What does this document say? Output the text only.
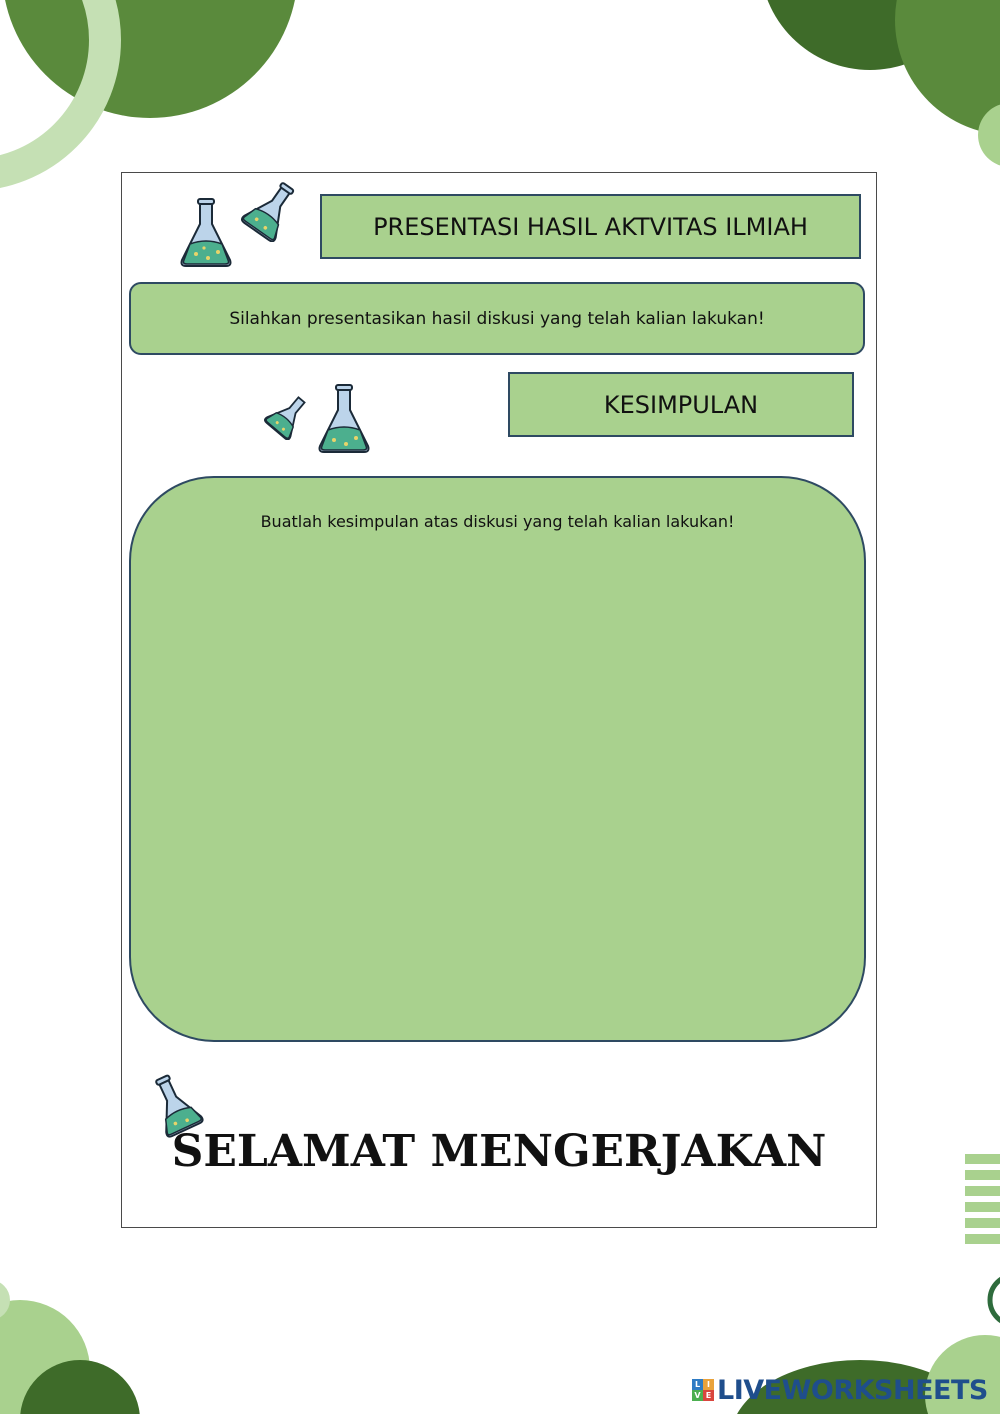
PRESENTASI HASIL AKTVITAS ILMIAH
Silahkan presentasikan hasil diskusi yang telah kalian lakukan!
KESIMPULAN
Buatlah kesimpulan atas diskusi yang telah kalian lakukan!
SELAMAT MENGERJAKAN
L I
V E LIVEWORKSHEETS
